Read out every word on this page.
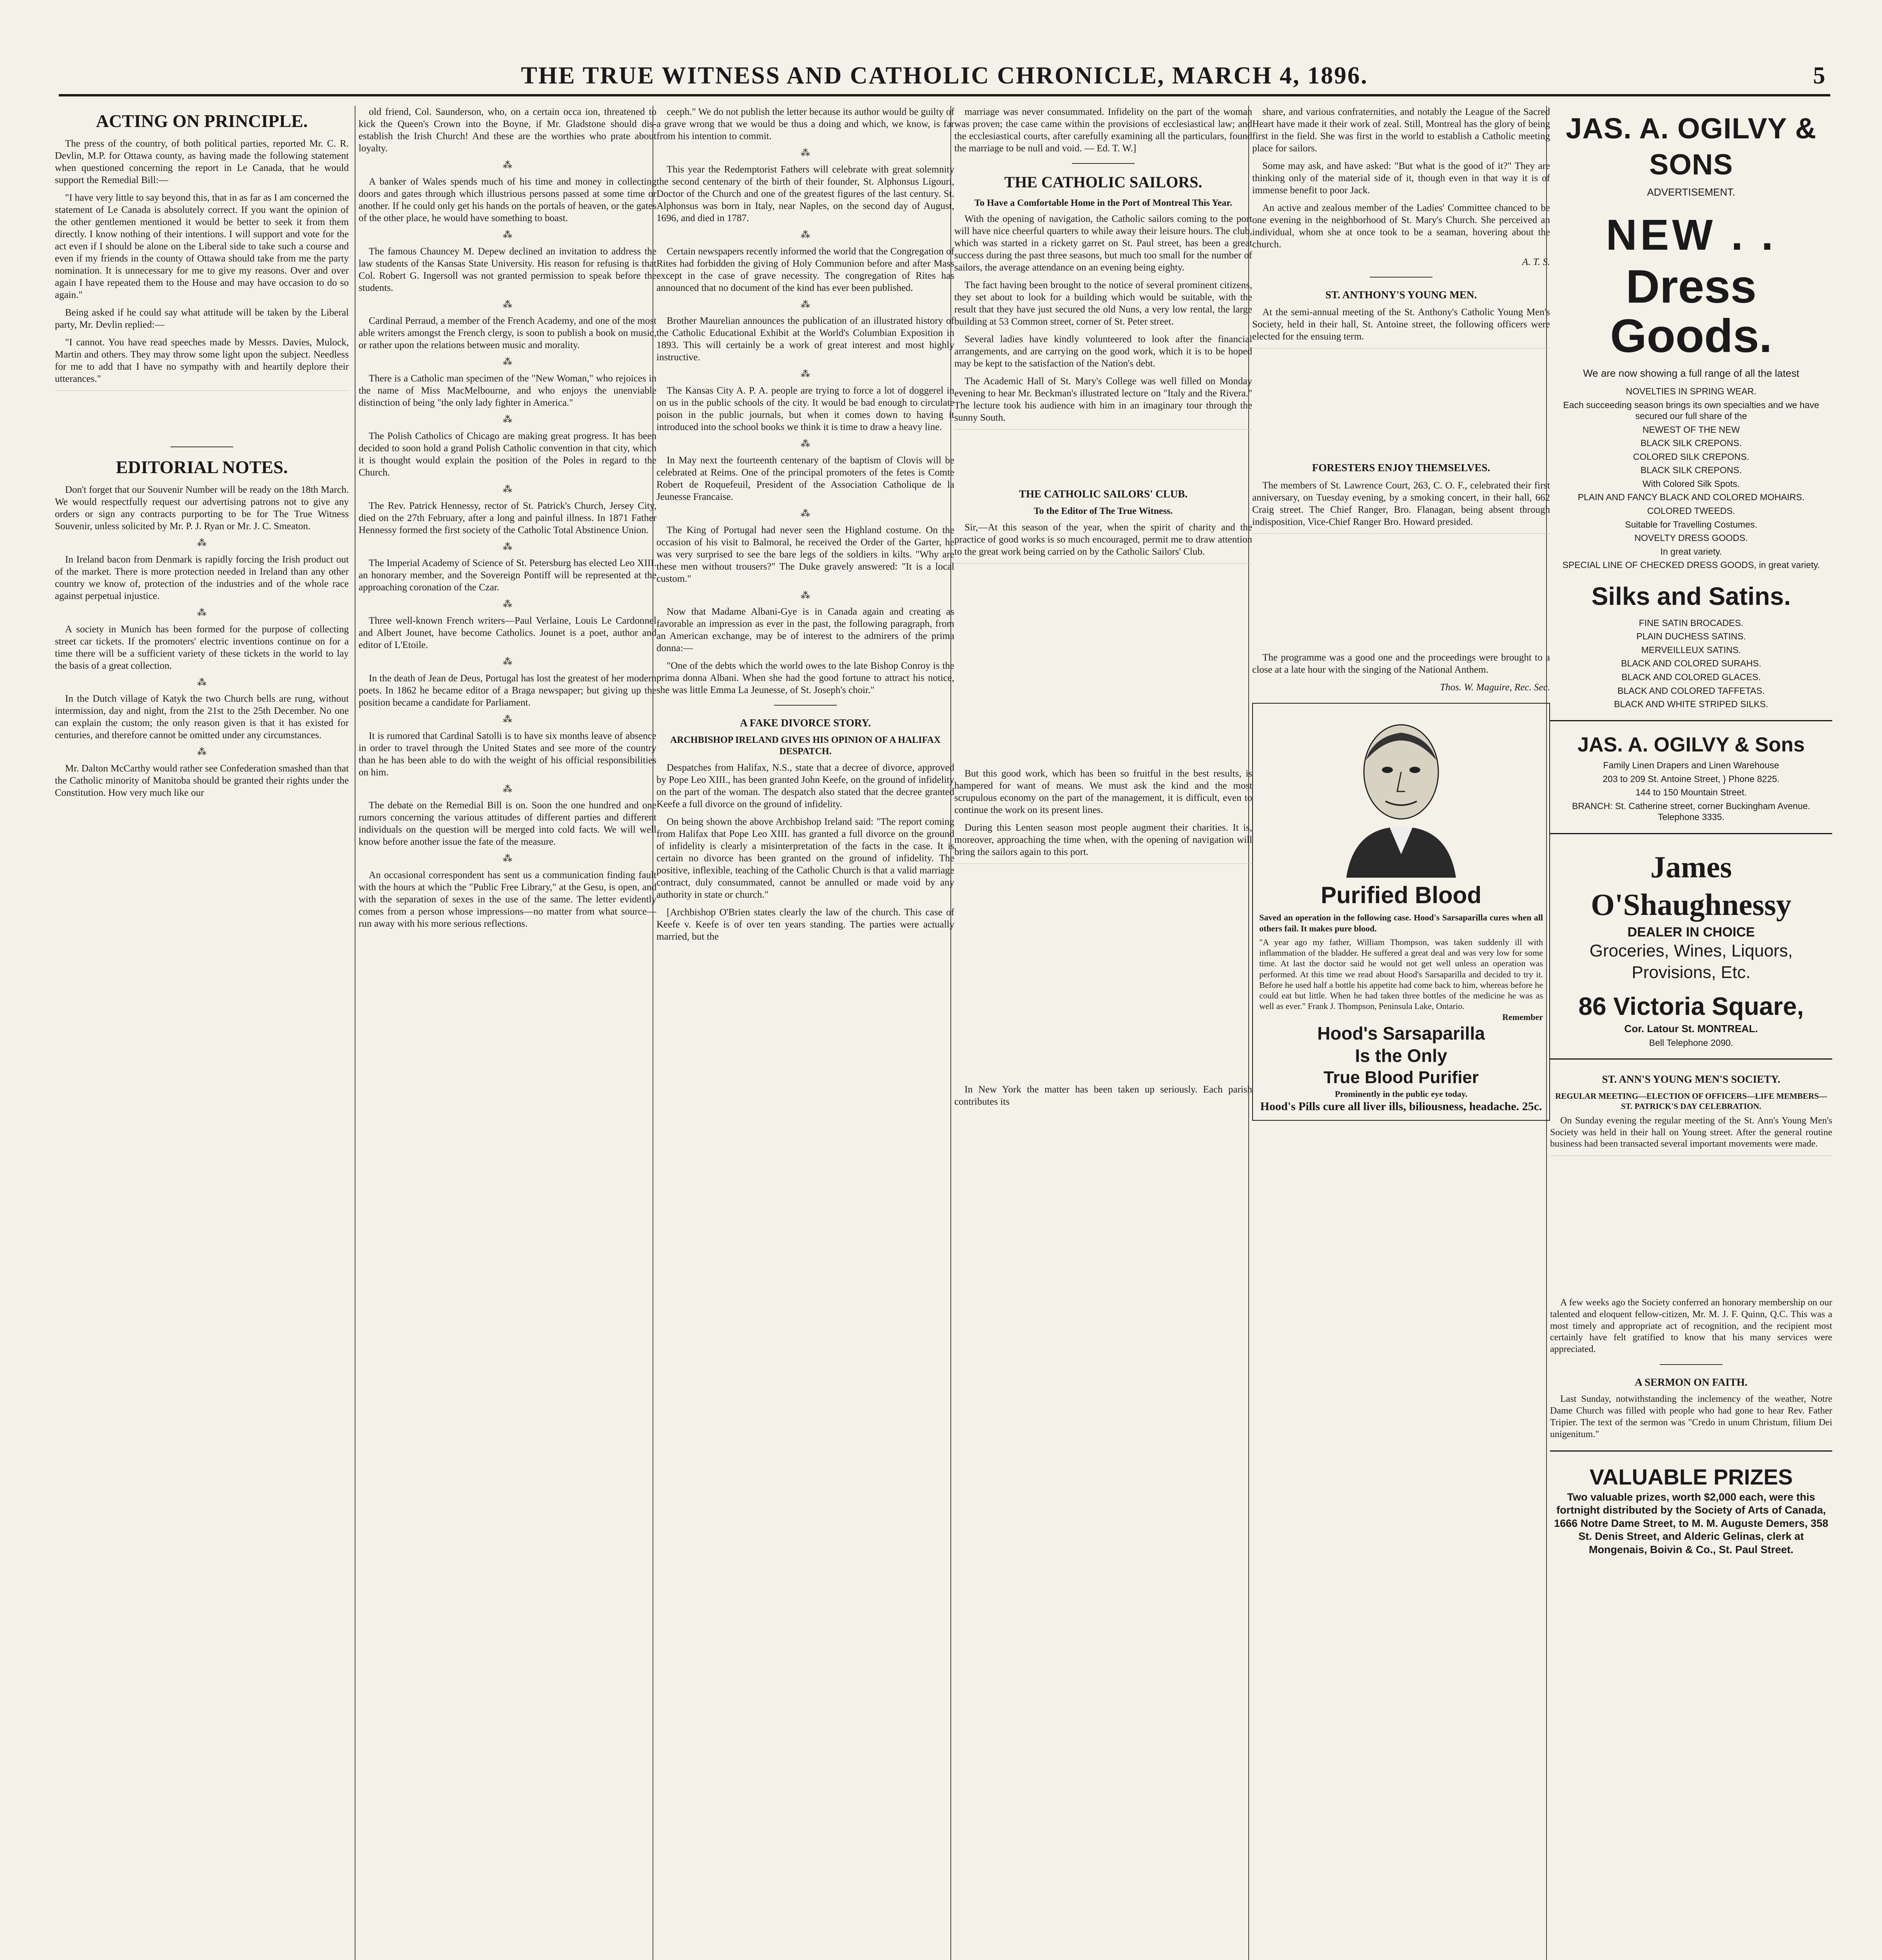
THE TRUE WITNESS AND CATHOLIC CHRONICLE, MARCH 4, 1896.	5
ACTING ON PRINCIPLE.

The press of the country, of both political parties, reported Mr. C. R. Devlin, M.P. for Ottawa county, as having made the following statement when questioned concerning the report in Le Canada, that he would support the Remedial Bill:—

"I have very little to say beyond this, that in as far as I am concerned the statement of Le Canada is absolutely correct. If you want the opinion of the other gentlemen mentioned it would be better to seek it from them directly. I know nothing of their intentions. I will support and vote for the act even if I should be alone on the Liberal side to take such a course and even if my friends in the county of Ottawa should take from me the party nomination. It is unnecessary for me to give my reasons. Over and over again I have repeated them to the House and may have occasion to do so again."

Being asked if he could say what attitude will be taken by the Liberal party, Mr. Devlin replied:—

"I cannot. You have read speeches made by Messrs. Davies, Mulock, Martin and others. They may throw some light upon the subject. Needless for me to add that I have no sympathy with and heartily deplore their utterances."

EDITORIAL NOTES.

Don't forget that our Souvenir Number will be ready on the 18th March. We would respectfully request our advertising patrons not to give any orders or sign any contracts purporting to be for The True Witness Souvenir, unless solicited by Mr. P. J. Ryan or Mr. J. C. Smeaton.

⁂

In Ireland bacon from Denmark is rapidly forcing the Irish product out of the market. There is more protection needed in Ireland than any other country we know of, protection of the industries and of the whole race against perpetual injustice.

⁂

A society in Munich has been formed for the purpose of collecting street car tickets. If the promoters' electric inventions continue on for a time there will be a sufficient variety of these tickets in the world to lay the basis of a great collection.

⁂

In the Dutch village of Katyk the two Church bells are rung, without intermission, day and night, from the 21st to the 25th December. No one can explain the custom; the only reason given is that it has existed for centuries, and therefore cannot be omitted under any circumstances.

⁂

Mr. Dalton McCarthy would rather see Confederation smashed than that the Catholic minority of Manitoba should be granted their rights under the Constitution. How very much like our

old friend, Col. Saunderson, who, on a certain occa ion, threatened to kick the Queen's Crown into the Boyne, if Mr. Gladstone should dis-establish the Irish Church! And these are the worthies who prate about loyalty.

⁂

A banker of Wales spends much of his time and money in collecting doors and gates through which illustrious persons passed at some time or another. If he could only get his hands on the portals of heaven, or the gates of the other place, he would have something to boast.

⁂

The famous Chauncey M. Depew declined an invitation to address the law students of the Kansas State University. His reason for refusing is that Col. Robert G. Ingersoll was not granted permission to speak before the students.

⁂

Cardinal Perraud, a member of the French Academy, and one of the most able writers amongst the French clergy, is soon to publish a book on music, or rather upon the relations between music and morality.

⁂

There is a Catholic man specimen of the "New Woman," who rejoices in the name of Miss MacMelbourne, and who enjoys the unenviable distinction of being "the only lady fighter in America."

⁂

The Polish Catholics of Chicago are making great progress. It has been decided to soon hold a grand Polish Catholic convention in that city, which it is thought would explain the position of the Poles in regard to the Church.

⁂

The Rev. Patrick Hennessy, rector of St. Patrick's Church, Jersey City, died on the 27th February, after a long and painful illness. In 1871 Father Hennessy formed the first society of the Catholic Total Abstinence Union.

⁂

The Imperial Academy of Science of St. Petersburg has elected Leo XIII. an honorary member, and the Sovereign Pontiff will be represented at the approaching coronation of the Czar.

⁂

Three well-known French writers—Paul Verlaine, Louis Le Cardonnel and Albert Jounet, have become Catholics. Jounet is a poet, author and editor of L'Etoile.

⁂

In the death of Jean de Deus, Portugal has lost the greatest of her modern poets. In 1862 he became editor of a Braga newspaper; but giving up the position became a candidate for Parliament.

⁂

It is rumored that Cardinal Satolli is to have six months leave of absence in order to travel through the United States and see more of the country than he has been able to do with the weight of his official responsibilities on him.

⁂

The debate on the Remedial Bill is on. Soon the one hundred and one rumors concerning the various attitudes of different parties and different individuals on the question will be merged into cold facts. We will well know before another issue the fate of the measure.

⁂

An occasional correspondent has sent us a communication finding fault with the hours at which the "Public Free Library," at the Gesu, is open, and with the separation of sexes in the use of the same. The letter evidently comes from a person whose impressions—no matter from what source—run away with his more serious reflections.

ceeph." We do not publish the letter because its author would be guilty of a grave wrong that we would be thus a doing and which, we know, is far from his intention to commit.

⁂

This year the Redemptorist Fathers will celebrate with great solemnity the second centenary of the birth of their founder, St. Alphonsus Ligouri, Doctor of the Church and one of the greatest figures of the last century. St. Alphonsus was born in Italy, near Naples, on the second day of August, 1696, and died in 1787.

⁂

Certain newspapers recently informed the world that the Congregation of Rites had forbidden the giving of Holy Communion before and after Mass except in the case of grave necessity. The congregation of Rites has announced that no document of the kind has ever been published.

⁂

Brother Maurelian announces the publication of an illustrated history of the Catholic Educational Exhibit at the World's Columbian Exposition in 1893. This will certainly be a work of great interest and most highly instructive.

⁂

The Kansas City A. P. A. people are trying to force a lot of doggerel in on us in the public schools of the city. It would be bad enough to circulate poison in the public journals, but when it comes down to having it introduced into the school books we think it is time to draw a heavy line.

⁂

In May next the fourteenth centenary of the baptism of Clovis will be celebrated at Reims. One of the principal promoters of the fetes is Comte Robert de Roquefeuil, President of the Association Catholique de la Jeunesse Francaise.

⁂

The King of Portugal had never seen the Highland costume. On the occasion of his visit to Balmoral, he received the Order of the Garter, he was very surprised to see the bare legs of the soldiers in kilts. "Why are these men without trousers?" The Duke gravely answered: "It is a local custom."

⁂

Now that Madame Albani-Gye is in Canada again and creating as favorable an impression as ever in the past, the following paragraph, from an American exchange, may be of interest to the admirers of the prima donna:—

"One of the debts which the world owes to the late Bishop Conroy is the prima donna Albani. When she had the good fortune to attract his notice, she was little Emma La Jeunesse, of St. Joseph's choir."

A FAKE DIVORCE STORY.
ARCHBISHOP IRELAND GIVES HIS OPINION OF A HALIFAX DESPATCH.

Despatches from Halifax, N.S., state that a decree of divorce, approved by Pope Leo XIII., has been granted John Keefe, on the ground of infidelity on the part of the woman. The despatch also stated that the decree granted Keefe a full divorce on the ground of infidelity.

On being shown the above Archbishop Ireland said: "The report coming from Halifax that Pope Leo XIII. has granted a full divorce on the ground of infidelity is clearly a misinterpretation of the facts in the case. It is certain no divorce has been granted on the ground of infidelity. The positive, inflexible, teaching of the Catholic Church is that a valid marriage contract, duly consummated, cannot be annulled or made void by any authority in state or church."

[Archbishop O'Brien states clearly the law of the church. This case of Keefe v. Keefe is of over ten years standing. The parties were actually married, but the

marriage was never consummated. Infidelity on the part of the woman was proven; the case came within the provisions of ecclesiastical law; and the ecclesiastical courts, after carefully examining all the particulars, found the marriage to be null and void. — Ed. T. W.]

THE CATHOLIC SAILORS.
To Have a Comfortable Home in the Port of Montreal This Year.

With the opening of navigation, the Catholic sailors coming to the port will have nice cheerful quarters to while away their leisure hours. The club, which was started in a rickety garret on St. Paul street, has been a great success during the past three seasons, but much too small for the number of sailors, the average attendance on an evening being eighty.

The fact having been brought to the notice of several prominent citizens, they set about to look for a building which would be suitable, with the result that they have just secured the old Nuns, a very low rental, the large building at 53 Common street, corner of St. Peter street.

Several ladies have kindly volunteered to look after the financial arrangements, and are carrying on the good work, which it is to be hoped may be kept to the satisfaction of the Nation's debt.

The Academic Hall of St. Mary's College was well filled on Monday evening to hear Mr. Beckman's illustrated lecture on "Italy and the Rivera." The lecture took his audience with him in an imaginary tour through the sunny South.

THE CATHOLIC SAILORS' CLUB.
To the Editor of The True Witness.

Sir,—At this season of the year, when the spirit of charity and the practice of good works is so much encouraged, permit me to draw attention to the great work being carried on by the Catholic Sailors' Club.

But this good work, which has been so fruitful in the best results, is hampered for want of means. We must ask the kind and the most scrupulous economy on the part of the management, it is difficult, even to continue the work on its present lines.

During this Lenten season most people augment their charities. It is, moreover, approaching the time when, with the opening of navigation will bring the sailors again to this port.

In New York the matter has been taken up seriously. Each parish contributes its

share, and various confraternities, and notably the League of the Sacred Heart have made it their work of zeal. Still, Montreal has the glory of being first in the field. She was first in the world to establish a Catholic meeting place for sailors.

Some may ask, and have asked: "But what is the good of it?" They are thinking only of the material side of it, though even in that way it is of immense benefit to poor Jack.

An active and zealous member of the Ladies' Committee chanced to be one evening in the neighborhood of St. Mary's Church. She perceived an individual, whom she at once took to be a seaman, hovering about the church.

A. T. S.
ST. ANTHONY'S YOUNG MEN.

At the semi-annual meeting of the St. Anthony's Catholic Young Men's Society, held in their hall, St. Antoine street, the following officers were elected for the ensuing term.

FORESTERS ENJOY THEMSELVES.

The members of St. Lawrence Court, 263, C. O. F., celebrated their first anniversary, on Tuesday evening, by a smoking concert, in their hall, 662 Craig street. The Chief Ranger, Bro. Flanagan, being absent through indisposition, Vice-Chief Ranger Bro. Howard presided.

The programme was a good one and the proceedings were brought to a close at a late hour with the singing of the National Anthem.

Thos. W. Maguire, Rec. Sec.
Purified Blood
Saved an operation in the following case. Hood's Sarsaparilla cures when all others fail. It makes pure blood.
"A year ago my father, William Thompson, was taken suddenly ill with inflammation of the bladder. He suffered a great deal and was very low for some time. At last the doctor said he would not get well unless an operation was performed. At this time we read about Hood's Sarsaparilla and decided to try it. Before he used half a bottle his appetite had come back to him, whereas before he could eat but little. When he had taken three bottles of the medicine he was as well as ever." Frank J. Thompson, Peninsula Lake, Ontario.
Remember
Hood's Sarsaparilla
Is the Only
True Blood Purifier
Prominently in the public eye today.
Hood's Pills cure all liver ills, biliousness, headache. 25c.
JAS. A. OGILVY & SONS
ADVERTISEMENT.
NEW . .
Dress
Goods.
We are now showing a full range of all the latest
NOVELTIES IN SPRING WEAR.
Each succeeding season brings its own specialties and we have secured our full share of the
NEWEST OF THE NEW
BLACK SILK CREPONS.
COLORED SILK CREPONS.
BLACK SILK CREPONS.
With Colored Silk Spots.
PLAIN AND FANCY BLACK AND COLORED MOHAIRS.
COLORED TWEEDS.
Suitable for Travelling Costumes.
NOVELTY DRESS GOODS.
In great variety.
SPECIAL LINE OF CHECKED DRESS GOODS, in great variety.
Silks and Satins.
FINE SATIN BROCADES.
PLAIN DUCHESS SATINS.
MERVEILLEUX SATINS.
BLACK AND COLORED SURAHS.
BLACK AND COLORED GLACES.
BLACK AND COLORED TAFFETAS.
BLACK AND WHITE STRIPED SILKS.
JAS. A. OGILVY & Sons
Family Linen Drapers and Linen Warehouse
203 to 209 St. Antoine Street, } Phone 8225.
144 to 150 Mountain Street.
BRANCH: St. Catherine street, corner Buckingham Avenue. Telephone 3335.
James O'Shaughnessy
DEALER IN CHOICE
Groceries, Wines, Liquors, Provisions, Etc.
86 Victoria Square,
Cor. Latour St. MONTREAL.
Bell Telephone 2090.
ST. ANN'S YOUNG MEN'S SOCIETY.
REGULAR MEETING—ELECTION OF OFFICERS—LIFE MEMBERS—ST. PATRICK'S DAY CELEBRATION.

On Sunday evening the regular meeting of the St. Ann's Young Men's Society was held in their hall on Young street. After the general routine business had been transacted several important movements were made.

A few weeks ago the Society conferred an honorary membership on our talented and eloquent fellow-citizen, Mr. M. J. F. Quinn, Q.C. This was a most timely and appropriate act of recognition, and the recipient most certainly have felt gratified to know that his many services were appreciated.

A SERMON ON FAITH.

Last Sunday, notwithstanding the inclemency of the weather, Notre Dame Church was filled with people who had gone to hear Rev. Father Tripier. The text of the sermon was "Credo in unum Christum, filium Dei unigenitum."

VALUABLE PRIZES
Two valuable prizes, worth $2,000 each, were this fortnight distributed by the Society of Arts of Canada, 1666 Notre Dame Street, to M. M. Auguste Demers, 358 St. Denis Street, and Alderic Gelinas, clerk at Mongenais, Boivin & Co., St. Paul Street.
